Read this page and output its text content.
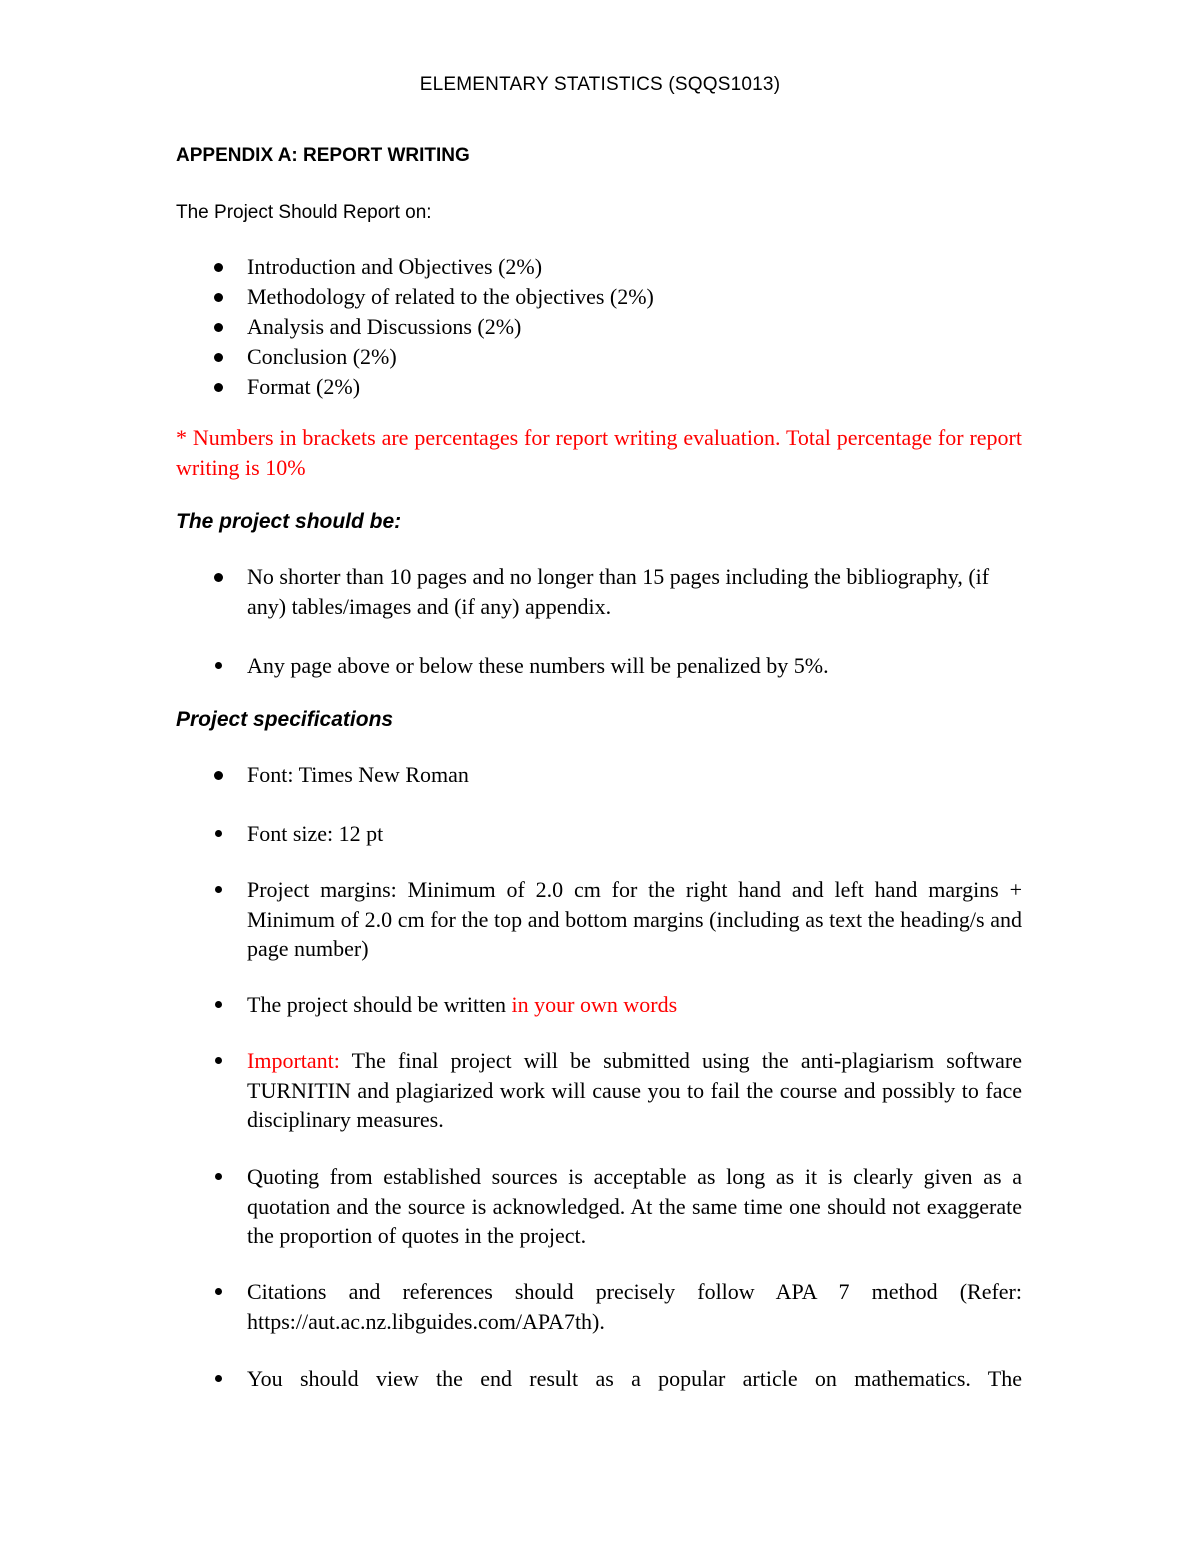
ELEMENTARY STATISTICS (SQQS1013)
APPENDIX A: REPORT WRITING
The Project Should Report on:
Introduction and Objectives (2%)
Methodology of related to the objectives (2%)
Analysis and Discussions (2%)
Conclusion (2%)
Format (2%)
* Numbers in brackets are percentages for report writing evaluation. Total percentage for report writing is 10%
The project should be:
No shorter than 10 pages and no longer than 15 pages including the bibliography, (if any) tables/images and (if any) appendix.
Any page above or below these numbers will be penalized by 5%.
Project specifications
Font: Times New Roman
Font size: 12 pt
Project margins: Minimum of 2.0 cm for the right hand and left hand margins + Minimum of 2.0 cm for the top and bottom margins (including as text the heading/s and page number)
The project should be written in your own words
Important: The final project will be submitted using the anti-plagiarism software TURNITIN and plagiarized work will cause you to fail the course and possibly to face disciplinary measures.
Quoting from established sources is acceptable as long as it is clearly given as a quotation and the source is acknowledged. At the same time one should not exaggerate the proportion of quotes in the project.
Citations and references should precisely follow APA 7 method (Refer: https://aut.ac.nz.libguides.com/APA7th).
You should view the end result as a popular article on mathematics. The
